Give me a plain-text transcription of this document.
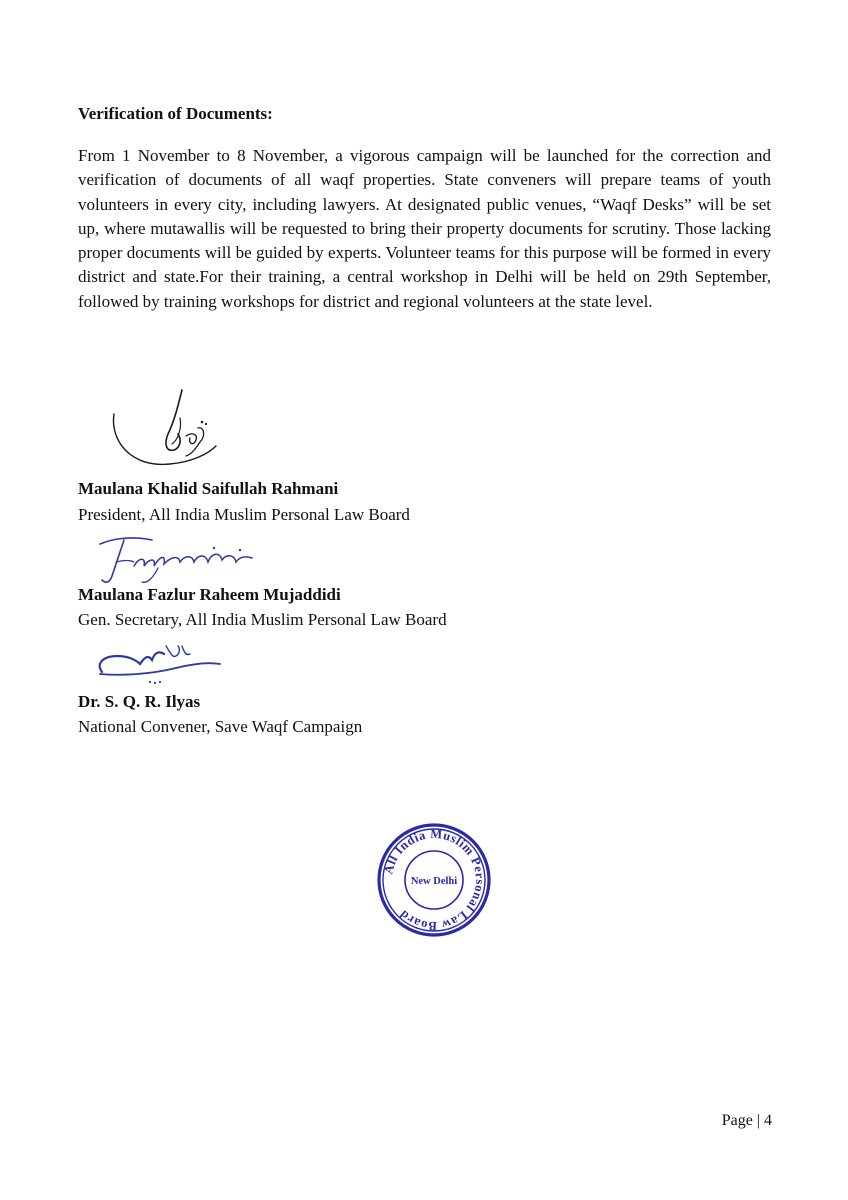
Verification of Documents:

From 1 November to 8 November, a vigorous campaign will be launched for the correction and verification of documents of all waqf properties. State conveners will prepare teams of youth volunteers in every city, including lawyers. At designated public venues, “Waqf Desks” will be set up, where mutawallis will be requested to bring their property documents for scrutiny. Those lacking proper documents will be guided by experts. Volunteer teams for this purpose will be formed in every district and state.For their training, a central workshop in Delhi will be held on 29th September, followed by training workshops for district and regional volunteers at the state level.

Maulana Khalid Saifullah Rahmani

President, All India Muslim Personal Law Board

Maulana Fazlur Raheem Mujaddidi

Gen. Secretary, All India Muslim Personal Law Board

Dr. S. Q. R. Ilyas

National Convener, Save Waqf Campaign

All India Muslim Personal Law Board
New Delhi

Page | 4
